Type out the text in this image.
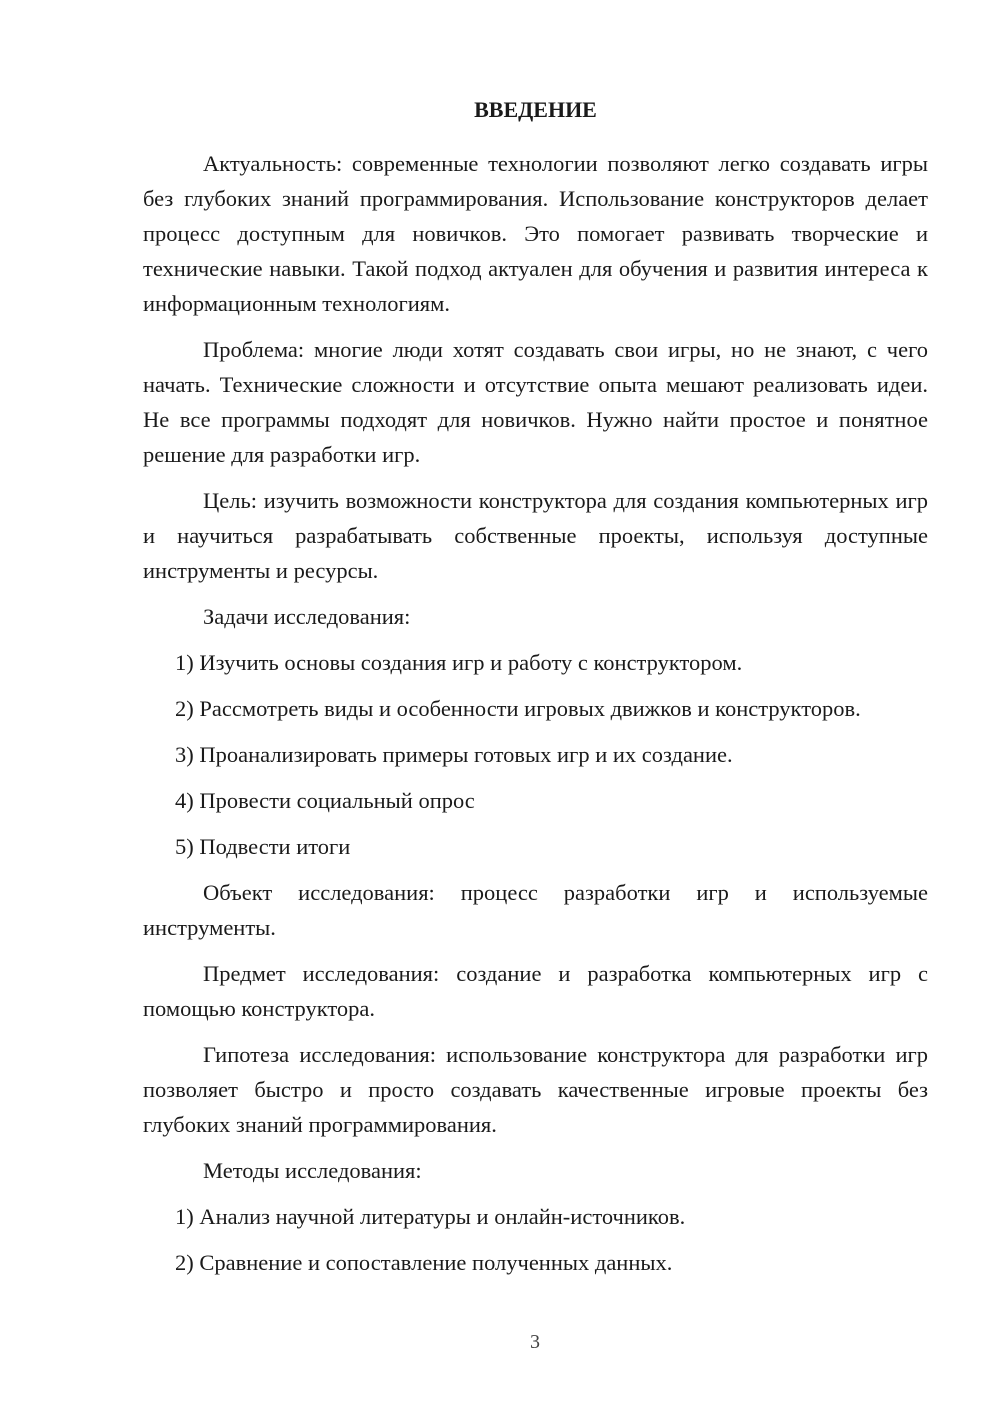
ВВЕДЕНИЕ

Актуальность: современные технологии позволяют легко создавать игры без глубоких знаний программирования. Использование конструкторов делает процесс доступным для новичков. Это помогает развивать творческие и технические навыки. Такой подход актуален для обучения и развития интереса к информационным технологиям.

Проблема: многие люди хотят создавать свои игры, но не знают, с чего начать. Технические сложности и отсутствие опыта мешают реализовать идеи. Не все программы подходят для новичков. Нужно найти простое и понятное решение для разработки игр.

Цель: изучить возможности конструктора для создания компьютерных игр и научиться разрабатывать собственные проекты, используя доступные инструменты и ресурсы.

Задачи исследования:

1) Изучить основы создания игр и работу с конструктором.

2) Рассмотреть виды и особенности игровых движков и конструкторов.

3) Проанализировать примеры готовых игр и их создание.

4) Провести социальный опрос

5) Подвести итоги

Объект исследования: процесс разработки игр и используемые инструменты.

Предмет исследования: создание и разработка компьютерных игр с помощью конструктора.

Гипотеза исследования: использование конструктора для разработки игр позволяет быстро и просто создавать качественные игровые проекты без глубоких знаний программирования.

Методы исследования:

1) Анализ научной литературы и онлайн-источников.

2) Сравнение и сопоставление полученных данных.

3
